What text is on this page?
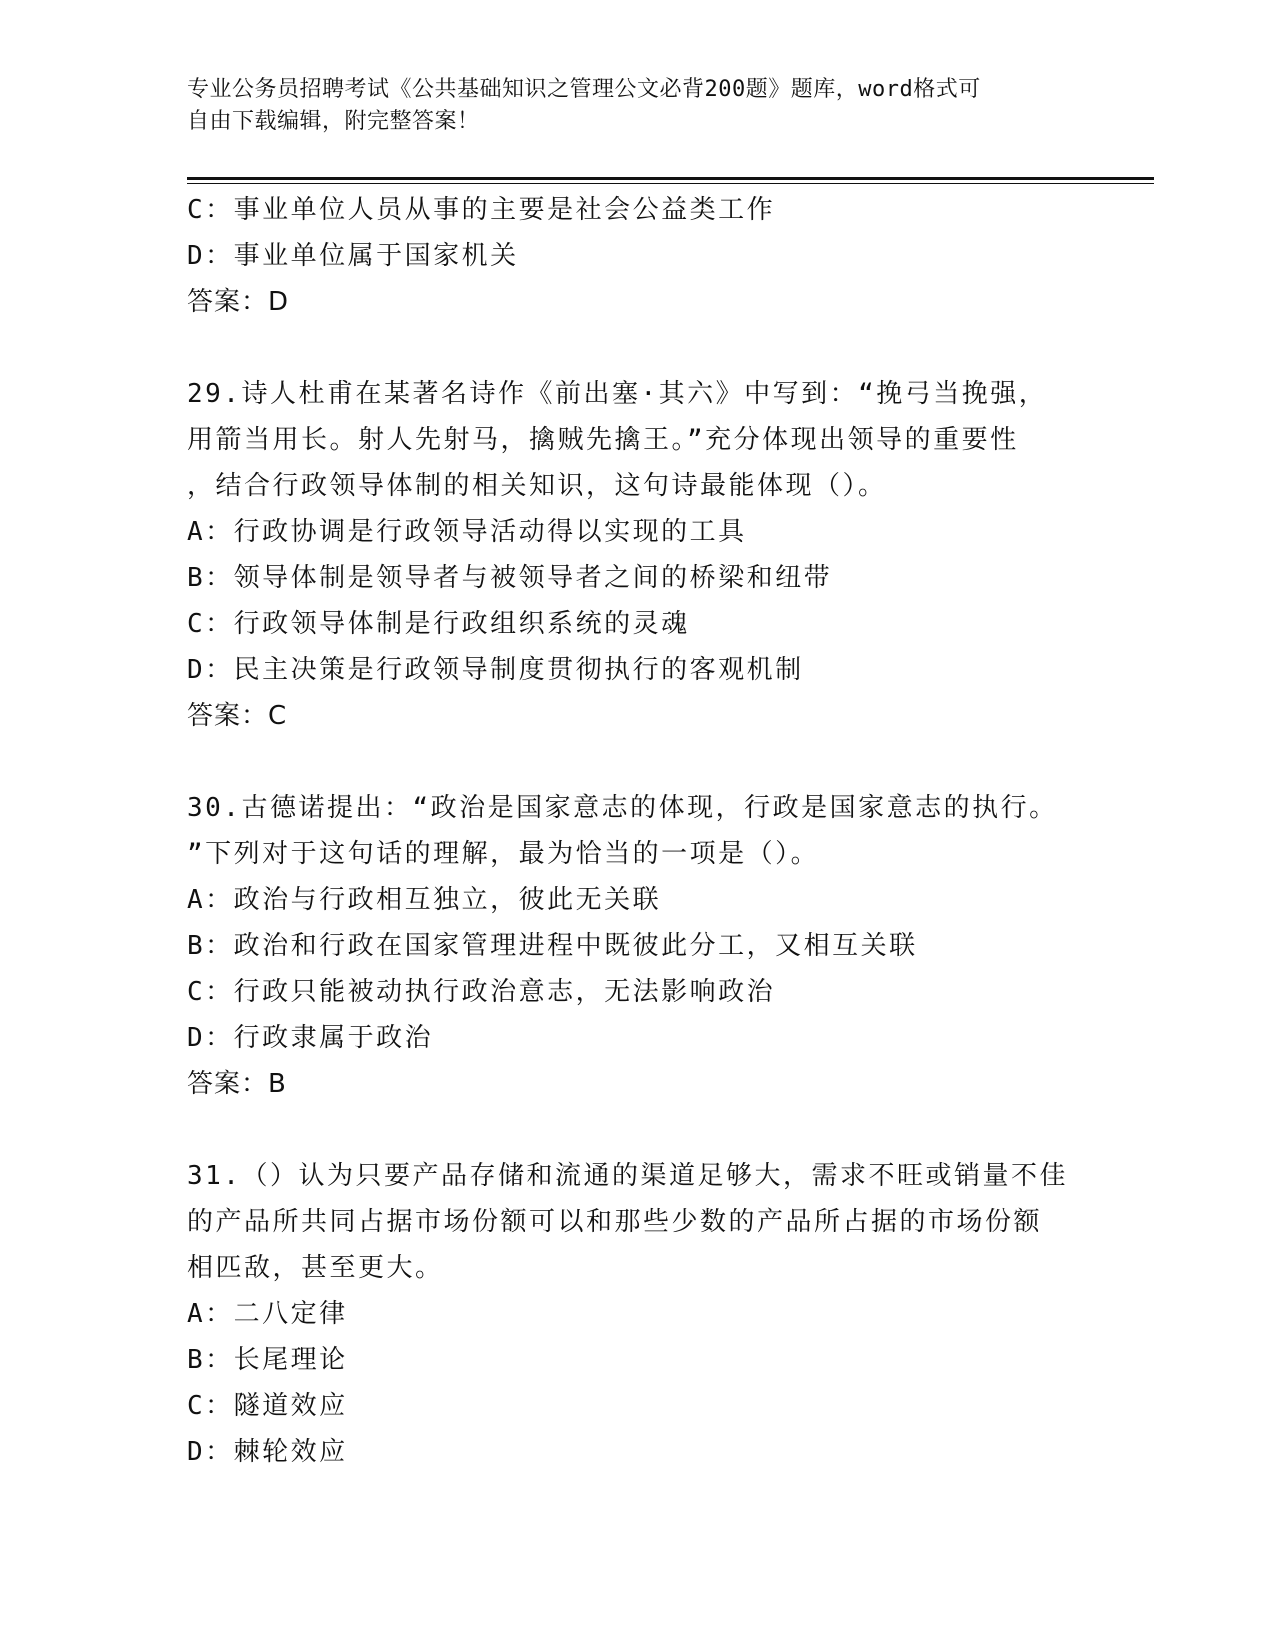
专业公务员招聘考试《公共基础知识之管理公文必背200题》题库，word格式可
自由下载编辑，附完整答案！
C：事业单位人员从事的主要是社会公益类工作
D：事业单位属于国家机关
答案：D
29.诗人杜甫在某著名诗作《前出塞·其六》中写到：“挽弓当挽强，
用箭当用长。射人先射马，擒贼先擒王。”充分体现出领导的重要性
，结合行政领导体制的相关知识，这句诗最能体现（）。
A：行政协调是行政领导活动得以实现的工具
B：领导体制是领导者与被领导者之间的桥梁和纽带
C：行政领导体制是行政组织系统的灵魂
D：民主决策是行政领导制度贯彻执行的客观机制
答案：C
30.古德诺提出：“政治是国家意志的体现，行政是国家意志的执行。
”下列对于这句话的理解，最为恰当的一项是（）。
A：政治与行政相互独立，彼此无关联
B：政治和行政在国家管理进程中既彼此分工，又相互关联
C：行政只能被动执行政治意志，无法影响政治
D：行政隶属于政治
答案：B
31.（）认为只要产品存储和流通的渠道足够大，需求不旺或销量不佳
的产品所共同占据市场份额可以和那些少数的产品所占据的市场份额
相匹敌，甚至更大。
A：二八定律
B：长尾理论
C：隧道效应
D：棘轮效应
